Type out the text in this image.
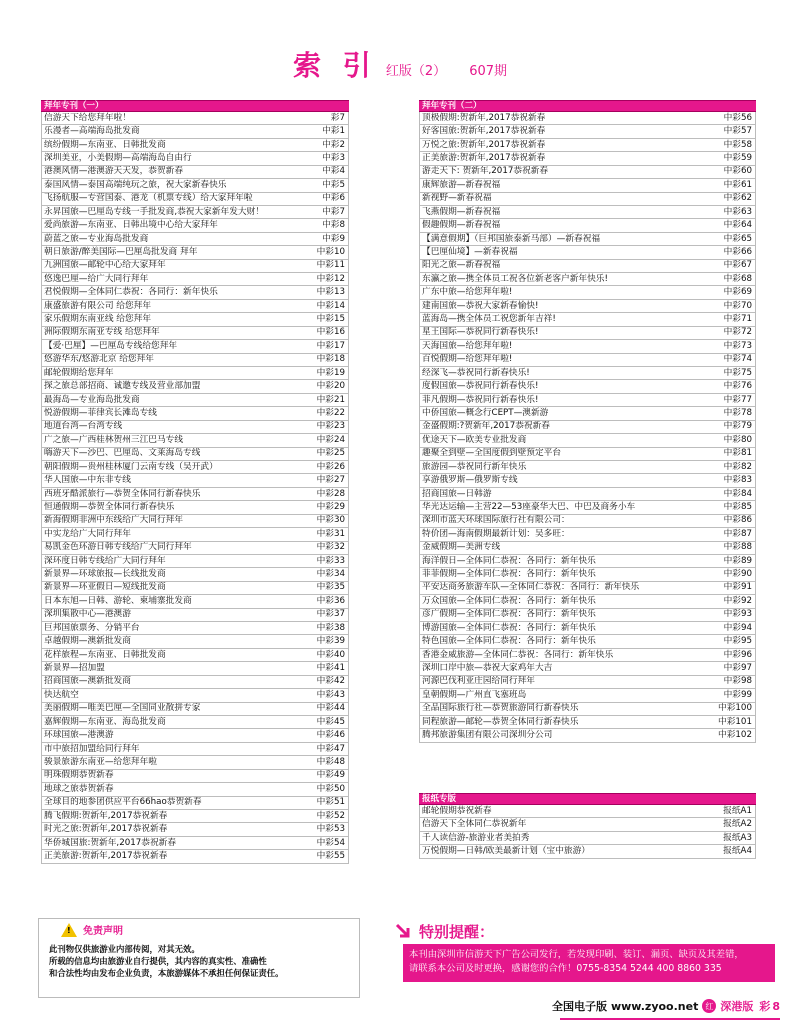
索 引 红版（2） 607期
拜年专刊（一）
信游天下给您拜年啦！	彩7
乐漫者—高端海岛批发商	中彩1
缤纷假期—东南亚、日韩批发商	中彩2
深圳美亚，小美假期—高端海岛自由行	中彩3
港澳风情—港澳游天天发，恭贺新春	中彩4
泰国风情—泰国高端纯玩之旅，祝大家新春快乐	中彩5
飞扬航服—专营国泰、港龙（机票专线）给大家拜年啦	中彩6
永昇国旅—巴厘岛专线一手批发商,恭祝大家新年发大财！	中彩7
爱尚旅游—东南亚、日韩出境中心给大家拜年	中彩8
蔚蓝之旅—专业海岛批发商	中彩9
朝日旅游/醉美国际—巴厘岛批发商 拜年	中彩10
九洲国旅—邮轮中心给大家拜年	中彩11
悠逸巴厘—给广大同行拜年	中彩12
君悦假期—全体同仁恭祝：各同行：新年快乐	中彩13
康盛旅游有限公司 给您拜年	中彩14
家乐假期东南亚线 给您拜年	中彩15
洲际假期东南亚专线 给您拜年	中彩16
【爱·巴厘】—巴厘岛专线给您拜年	中彩17
悠游华东/悠游北京 给您拜年	中彩18
邮轮假期给您拜年	中彩19
探之旅总部招商、诚邀专线及营业部加盟	中彩20
最海岛—专业海岛批发商	中彩21
悦游假期—菲律宾长滩岛专线	中彩22
地道台湾—台湾专线	中彩23
广之旅—广西桂林贺州三江巴马专线	中彩24
嗨游天下—沙巴、巴厘岛、文莱海岛专线	中彩25
朝阳假期—贵州桂林厦门云南专线（吴开武）	中彩26
华人国旅—中东非专线	中彩27
西班牙酷派旅行—恭贺全体同行新春快乐	中彩28
恒通假期—恭贺全体同行新春快乐	中彩29
新海假期非洲中东线给广大同行拜年	中彩30
中实龙给广大同行拜年	中彩31
易凯金色环游日韩专线给广大同行拜年	中彩32
深环度日韩专线给广大同行拜年	中彩33
新景界—环球旅报—长线批发商	中彩34
新景界—环亚假日—短线批发商	中彩35
日本东旭—日韩、游轮、柬埔寨批发商	中彩36
深圳集散中心—港澳游	中彩37
巨邦国旅票务、分销平台	中彩38
卓越假期—澳新批发商	中彩39
花样旅程—东南亚、日韩批发商	中彩40
新景界—招加盟	中彩41
招商国旅—澳新批发商	中彩42
快达航空	中彩43
美丽假期—唯美巴厘—全国同业散拼专家	中彩44
嘉辉假期—东南亚、海岛批发商	中彩45
环球国旅—港澳游	中彩46
市中旅招加盟给同行拜年	中彩47
骏景旅游东南亚—给您拜年啦	中彩48
明珠假期恭贺新春	中彩49
地球之旅恭贺新春	中彩50
全球目的地参团供应平台66hao恭贺新春	中彩51
腾飞假期:贺新年,2017恭祝新春	中彩52
时光之旅:贺新年,2017恭祝新春	中彩53
华侨城国旅:贺新年,2017恭祝新春	中彩54
正美旅游:贺新年,2017恭祝新春	中彩55
拜年专刊（二）
顶极假期:贺新年,2017恭祝新春	中彩56
好客国旅:贺新年,2017恭祝新春	中彩57
万悦之旅:贺新年,2017恭祝新春	中彩58
正美旅游:贺新年,2017恭祝新春	中彩59
游走天下: 贺新年,2017恭祝新春	中彩60
康辉旅游—新春祝福	中彩61
新视野—新春祝福	中彩62
飞燕假期—新春祝福	中彩63
假趣假期—新春祝福	中彩64
【满意假期】（巨邦国旅泰新马部）—新春祝福	中彩65
【巴厘仙境】—新春祝福	中彩66
阳光之旅—新春祝福	中彩67
东瀛之旅—携全体员工祝各位新老客户新年快乐!	中彩68
广东中旅—给您拜年啦!	中彩69
建南国旅—恭祝大家新春愉快!	中彩70
蓝海岛—携全体员工祝您新年吉祥!	中彩71
星王国际—恭祝同行新春快乐!	中彩72
天海国旅—给您拜年啦!	中彩73
百悦假期—给您拜年啦!	中彩74
经深飞—恭祝同行新春快乐!	中彩75
度假国旅—恭祝同行新春快乐!	中彩76
菲凡假期—恭祝同行新春快乐!	中彩77
中侨国旅—概念行CEPT—澳新游	中彩78
金盛假期:?贺新年,2017恭祝新春	中彩79
优途天下—欧美专业批发商	中彩80
趣聚全到壁—全国度假到壁预定平台	中彩81
旅游园—恭祝同行新年快乐	中彩82
享游俄罗斯—俄罗斯专线	中彩83
招商国旅—日韩游	中彩84
华光达运输—主营22—53座豪华大巴、中巴及商务小车	中彩85
深圳市蓝天环球国际旅行社有限公司：	中彩86
特价团—海南假期最新计划：吴多旺：	中彩87
金威假期—美洲专线	中彩88
海洋假日—全体同仁恭祝：各同行：新年快乐	中彩89
菲菲假期—全体同仁恭祝：各同行：新年快乐	中彩90
平安达商务旅游车队—全体同仁恭祝：各同行：新年快乐	中彩91
万众国旅—全体同仁恭祝：各同行：新年快乐	中彩92
彦广假期—全体同仁恭祝：各同行：新年快乐	中彩93
博游国旅—全体同仁恭祝：各同行：新年快乐	中彩94
特色国旅—全体同仁恭祝：各同行：新年快乐	中彩95
香港金威旅游—全体同仁恭祝：各同行：新年快乐	中彩96
深圳口岸中旅—恭祝大家鸡年大吉	中彩97
河源巴伐利亚庄园给同行拜年	中彩98
皇朝假期—广州直飞塞班岛	中彩99
全品国际旅行社—恭贺旅游同行新春快乐	中彩100
同程旅游—邮轮—恭贺全体同行新春快乐	中彩101
腾邦旅游集团有限公司深圳分公司	中彩102
报纸专版
邮轮假期恭祝新春	报纸A1
信游天下全体同仁恭祝新年	报纸A2
千人读信游-旅游业者美拍秀	报纸A3
万悦假期—日韩/欧美最新计划（宝中旅游）	报纸A4
! 免责声明
此刊物仅供旅游业内部传阅，对其无效。
所载的信息均由旅游业自行提供，其内容的真实性、准确性
和合法性均由发布企业负责，本旅游媒体不承担任何保证责任。
特别提醒：
本刊由深圳市信游天下广告公司发行，若发现印刷、装订、漏页、缺页及其差错，
请联系本公司及时更换，感谢您的合作！0755-8354 5244 400 8860 335
全国电子版 www.zyoo.net 红 深港版 彩 8
